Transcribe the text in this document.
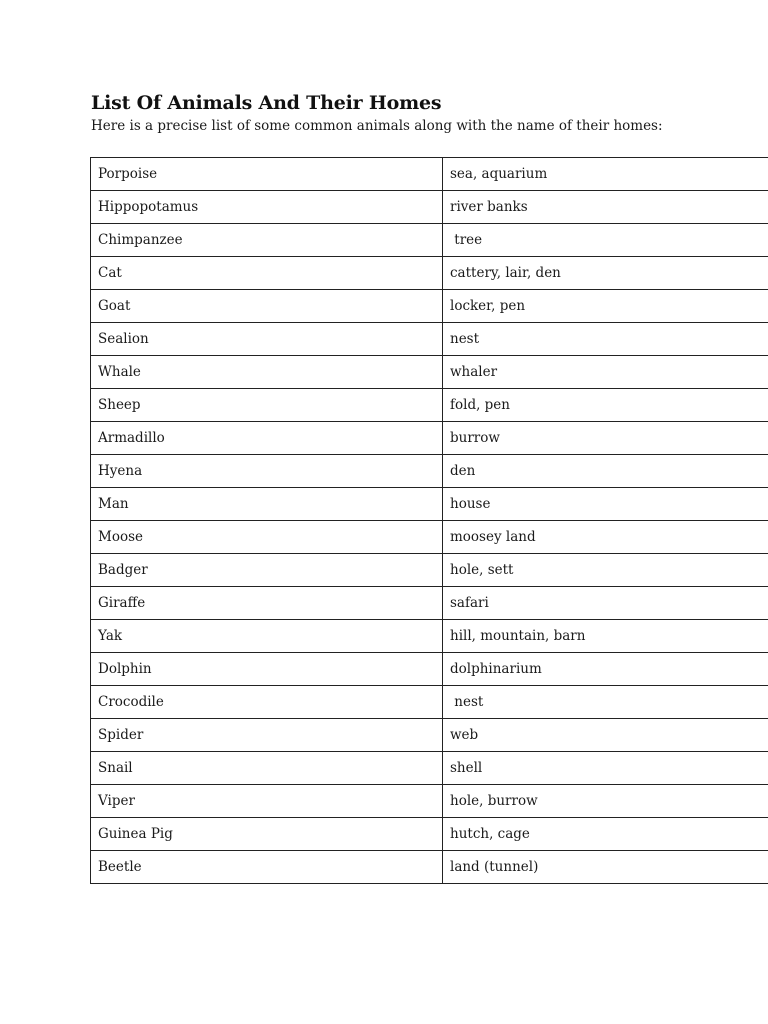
List Of Animals And Their Homes

Here is a precise list of some common animals along with the name of their homes:

Porpoise	sea, aquarium
Hippopotamus	river banks
Chimpanzee	tree
Cat	cattery, lair, den
Goat	locker, pen
Sealion	nest
Whale	whaler
Sheep	fold, pen
Armadillo	burrow
Hyena	den
Man	house
Moose	moosey land
Badger	hole, sett
Giraffe	safari
Yak	hill, mountain, barn
Dolphin	dolphinarium
Crocodile	nest
Spider	web
Snail	shell
Viper	hole, burrow
Guinea Pig	hutch, cage
Beetle	land (tunnel)
